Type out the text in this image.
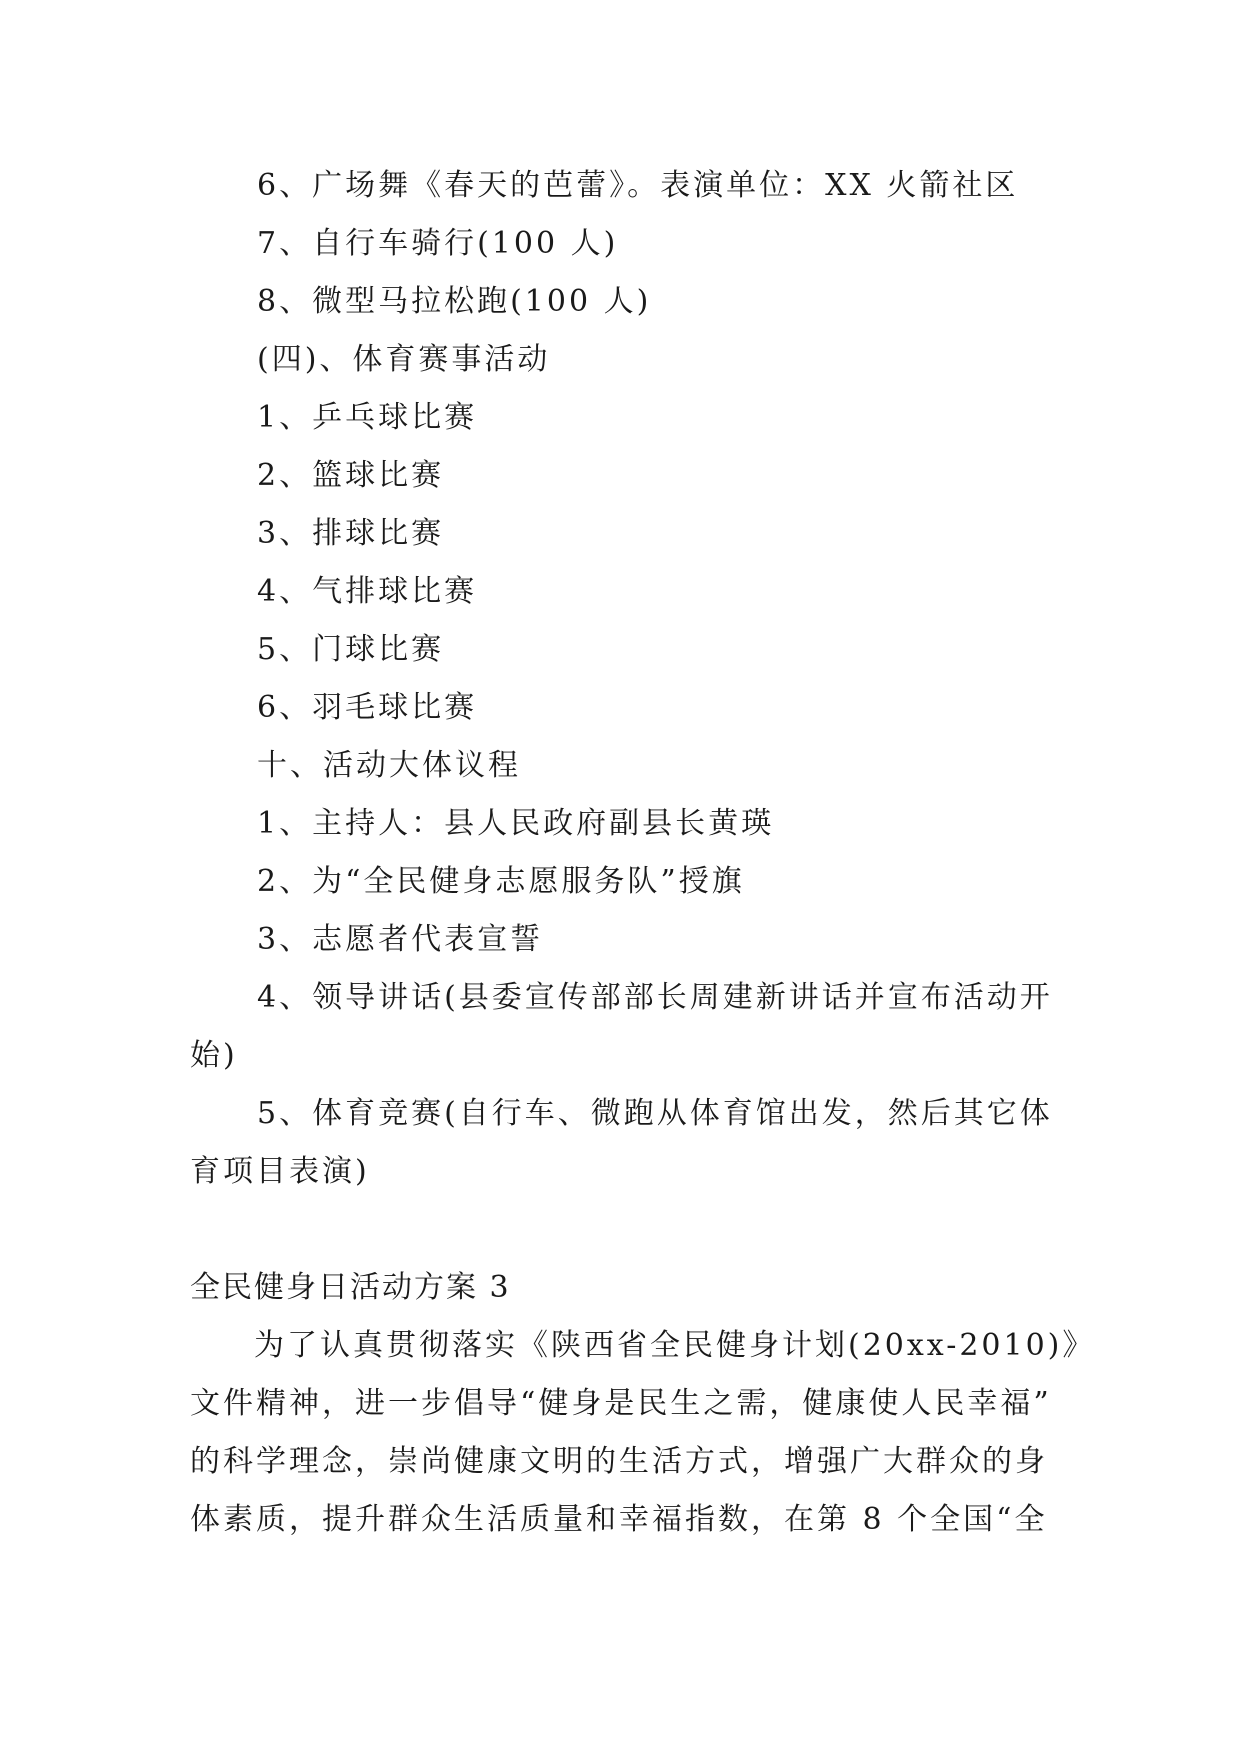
6、广场舞《春天的芭蕾》。表演单位：XX 火箭社区
7、自行车骑行(100 人)
8、微型马拉松跑(100 人)
(四)、体育赛事活动
1、乒乓球比赛
2、篮球比赛
3、排球比赛
4、气排球比赛
5、门球比赛
6、羽毛球比赛
十、活动大体议程
1、主持人：县人民政府副县长黄瑛
2、为“全民健身志愿服务队”授旗
3、志愿者代表宣誓
4、领导讲话(县委宣传部部长周建新讲话并宣布活动开
始)
5、体育竞赛(自行车、微跑从体育馆出发，然后其它体
育项目表演)
全民健身日活动方案 3
为了认真贯彻落实《陕西省全民健身计划(20xx-2010)》
文件精神，进一步倡导“健身是民生之需，健康使人民幸福”
的科学理念，崇尚健康文明的生活方式，增强广大群众的身
体素质，提升群众生活质量和幸福指数，在第 8 个全国“全
